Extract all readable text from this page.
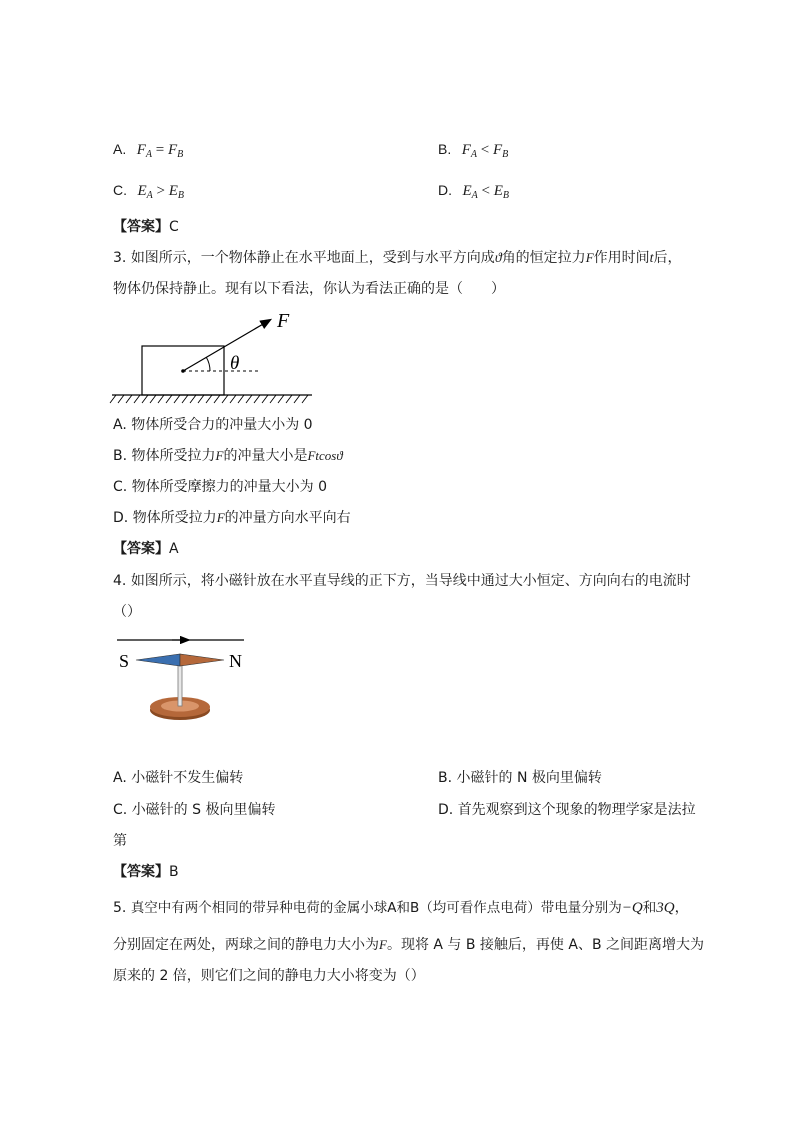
A. $F_A = F_B$	B. $F_A < F_B$
C. $E_A > E_B$	D. $E_A < E_B$
【答案】C
3. 如图所示，一个物体静止在水平地面上，受到与水平方向成ϑ角的恒定拉力F作用时间t后，
物体仍保持静止。现有以下看法，你认为看法正确的是（　　）
F
θ
A. 物体所受合力的冲量大小为 0
B. 物体所受拉力F的冲量大小是Ftcosϑ
C. 物体所受摩擦力的冲量大小为 0
D. 物体所受拉力F的冲量方向水平向右
【答案】A
4. 如图所示，将小磁针放在水平直导线的正下方，当导线中通过大小恒定、方向向右的电流时
（）
S	N
A. 小磁针不发生偏转	B. 小磁针的 N 极向里偏转
C. 小磁针的 S 极向里偏转	D. 首先观察到这个现象的物理学家是法拉
第
【答案】B
5. 真空中有两个相同的带异种电荷的金属小球A和B（均可看作点电荷）带电量分别为−Q和3Q，
分别固定在两处，两球之间的静电力大小为F。现将 A 与 B 接触后，再使 A、B 之间距离增大为
原来的 2 倍，则它们之间的静电力大小将变为（）
